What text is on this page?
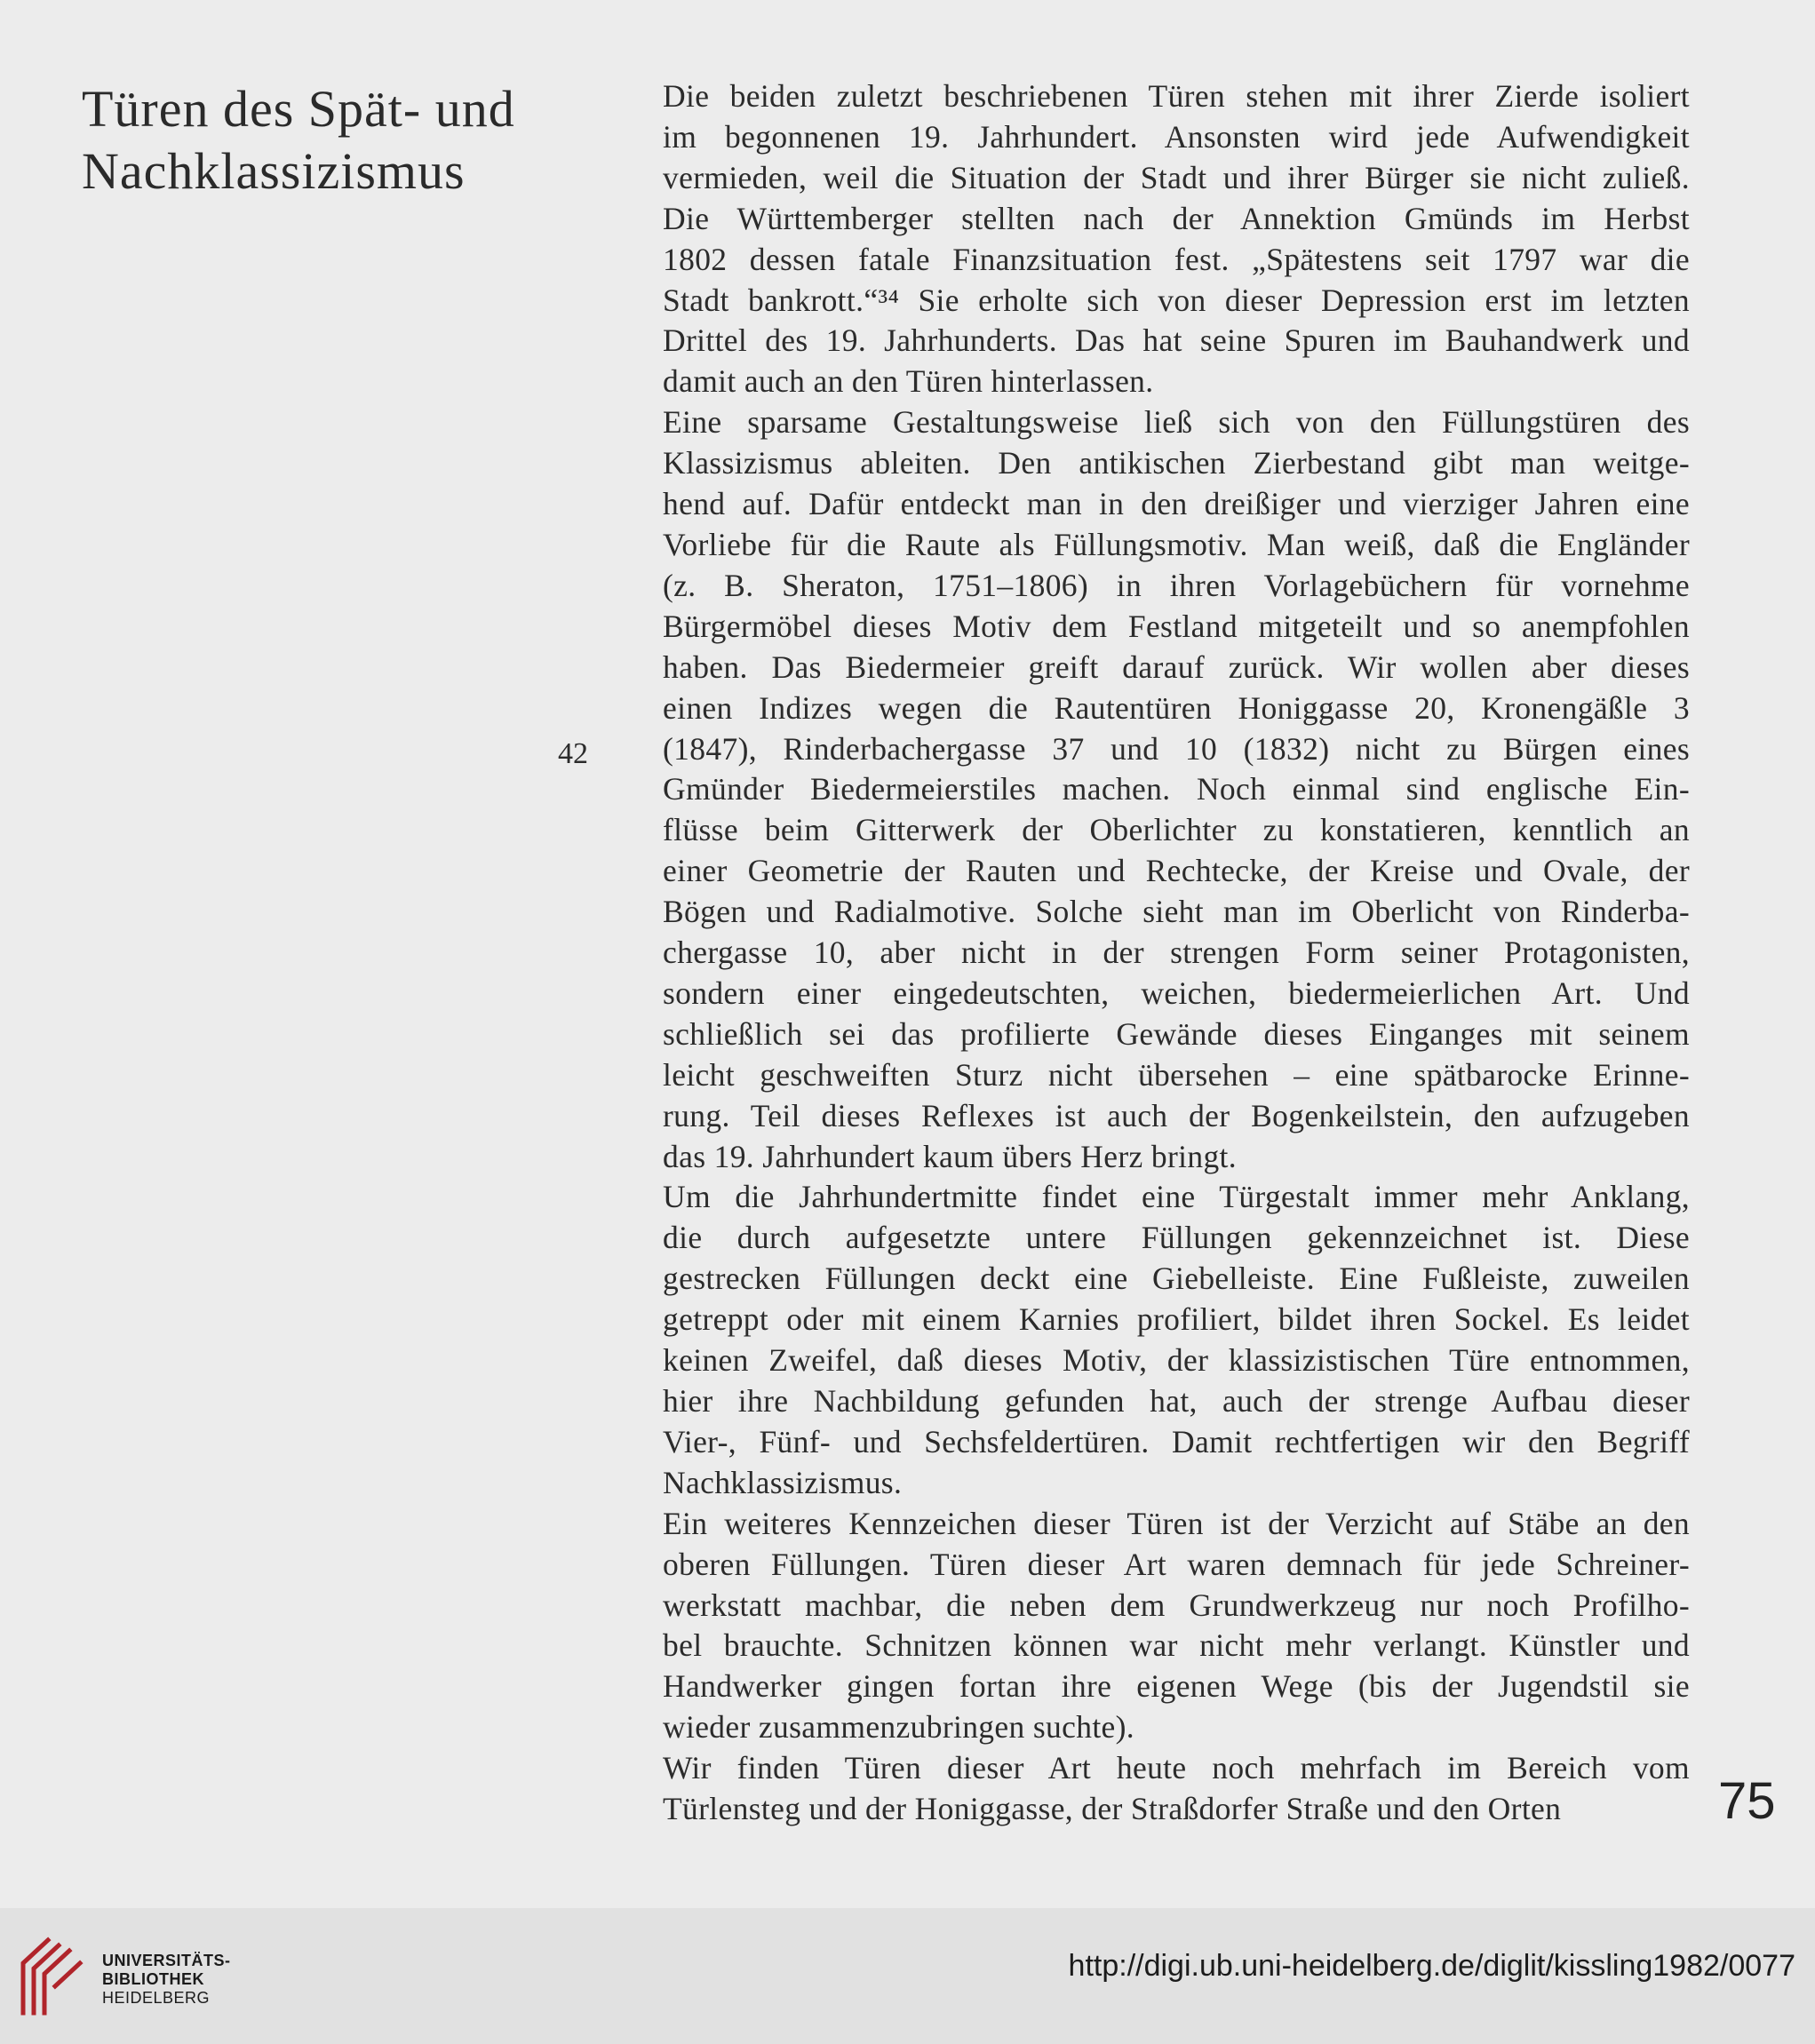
Türen des Spät- und
Nachklassizismus
42
Die beiden zuletzt beschriebenen Türen stehen mit ihrer Zierde isoliert
im begonnenen 19. Jahrhundert. Ansonsten wird jede Aufwendigkeit
vermieden, weil die Situation der Stadt und ihrer Bürger sie nicht zuließ.
Die Württemberger stellten nach der Annektion Gmünds im Herbst
1802 dessen fatale Finanzsituation fest. „Spätestens seit 1797 war die
Stadt bankrott.“³⁴ Sie erholte sich von dieser Depression erst im letzten
Drittel des 19. Jahrhunderts. Das hat seine Spuren im Bauhandwerk und
damit auch an den Türen hinterlassen.
Eine sparsame Gestaltungsweise ließ sich von den Füllungstüren des
Klassizismus ableiten. Den antikischen Zierbestand gibt man weitge-
hend auf. Dafür entdeckt man in den dreißiger und vierziger Jahren eine
Vorliebe für die Raute als Füllungsmotiv. Man weiß, daß die Engländer
(z. B. Sheraton, 1751–1806) in ihren Vorlagebüchern für vornehme
Bürgermöbel dieses Motiv dem Festland mitgeteilt und so anempfohlen
haben. Das Biedermeier greift darauf zurück. Wir wollen aber dieses
einen Indizes wegen die Rautentüren Honiggasse 20, Kronengäßle 3
(1847), Rinderbachergasse 37 und 10 (1832) nicht zu Bürgen eines
Gmünder Biedermeierstiles machen. Noch einmal sind englische Ein-
flüsse beim Gitterwerk der Oberlichter zu konstatieren, kenntlich an
einer Geometrie der Rauten und Rechtecke, der Kreise und Ovale, der
Bögen und Radialmotive. Solche sieht man im Oberlicht von Rinderba-
chergasse 10, aber nicht in der strengen Form seiner Protagonisten,
sondern einer eingedeutschten, weichen, biedermeierlichen Art. Und
schließlich sei das profilierte Gewände dieses Einganges mit seinem
leicht geschweiften Sturz nicht übersehen – eine spätbarocke Erinne-
rung. Teil dieses Reflexes ist auch der Bogenkeilstein, den aufzugeben
das 19. Jahrhundert kaum übers Herz bringt.
Um die Jahrhundertmitte findet eine Türgestalt immer mehr Anklang,
die durch aufgesetzte untere Füllungen gekennzeichnet ist. Diese
gestrecken Füllungen deckt eine Giebelleiste. Eine Fußleiste, zuweilen
getreppt oder mit einem Karnies profiliert, bildet ihren Sockel. Es leidet
keinen Zweifel, daß dieses Motiv, der klassizistischen Türe entnommen,
hier ihre Nachbildung gefunden hat, auch der strenge Aufbau dieser
Vier-, Fünf- und Sechsfeldertüren. Damit rechtfertigen wir den Begriff
Nachklassizismus.
Ein weiteres Kennzeichen dieser Türen ist der Verzicht auf Stäbe an den
oberen Füllungen. Türen dieser Art waren demnach für jede Schreiner-
werkstatt machbar, die neben dem Grundwerkzeug nur noch Profilho-
bel brauchte. Schnitzen können war nicht mehr verlangt. Künstler und
Handwerker gingen fortan ihre eigenen Wege (bis der Jugendstil sie
wieder zusammenzubringen suchte).
Wir finden Türen dieser Art heute noch mehrfach im Bereich vom
Türlensteg und der Honiggasse, der Straßdorfer Straße und den Orten	75
UNIVERSITÄTS-
BIBLIOTHEK
HEIDELBERG
http://digi.ub.uni-heidelberg.de/diglit/kissling1982/0077
